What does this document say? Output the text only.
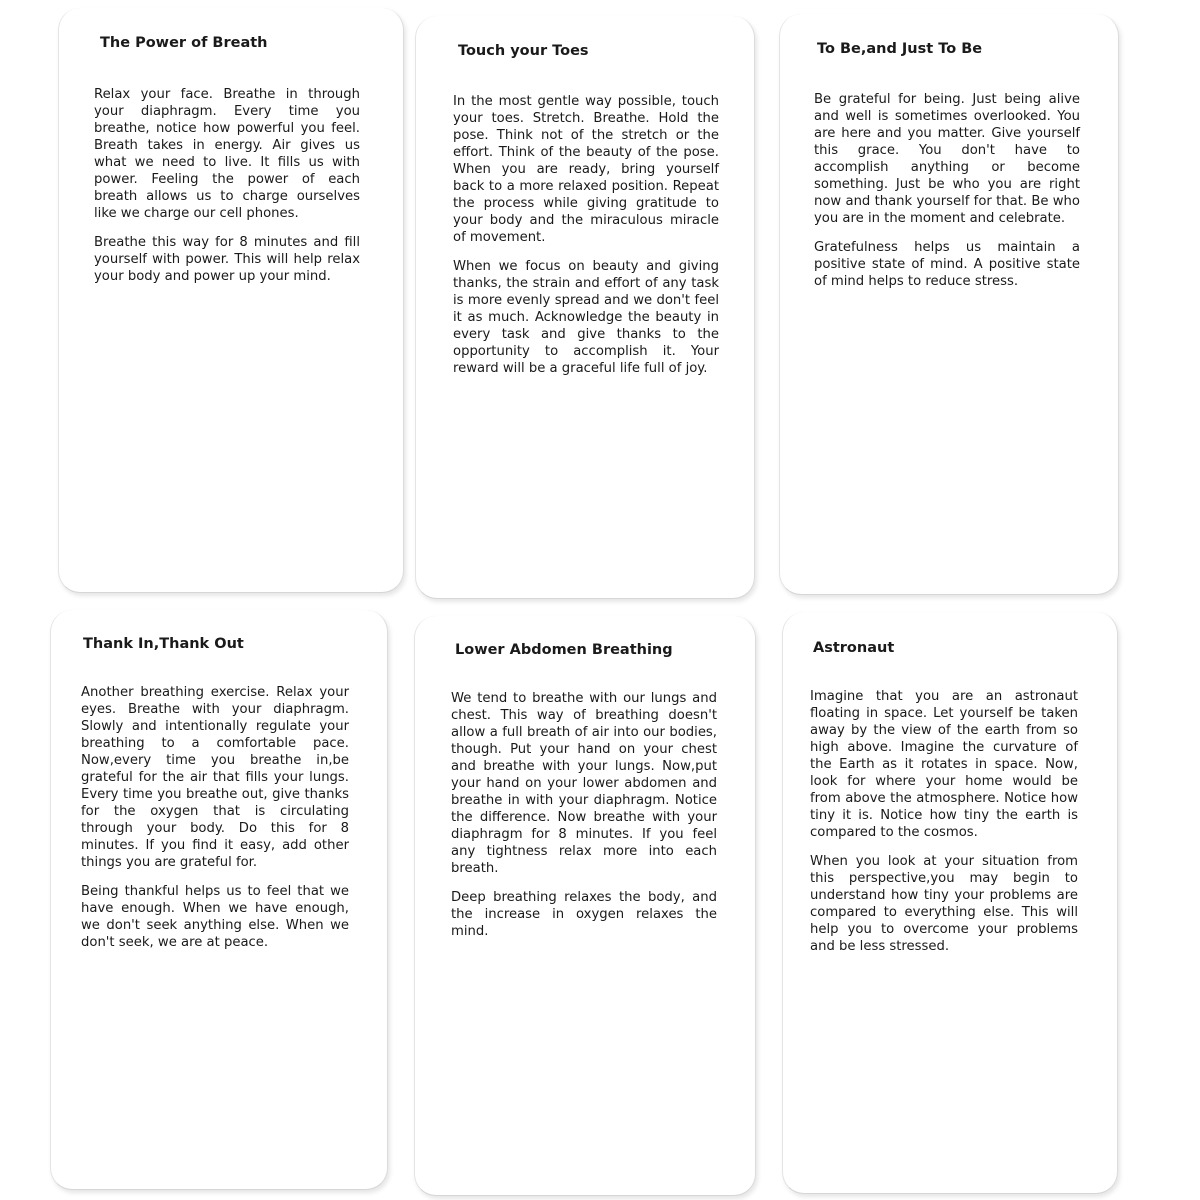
The Power of Breath

Relax your face. Breathe in through your diaphragm. Every time you breathe, notice how powerful you feel. Breath takes in energy. Air gives us what we need to live. It fills us with power. Feeling the power of each breath allows us to charge ourselves like we charge our cell phones.

Breathe this way for 8 minutes and fill yourself with power. This will help relax your body and power up your mind.

Touch your Toes

In the most gentle way possible, touch your toes. Stretch. Breathe. Hold the pose. Think not of the stretch or the effort. Think of the beauty of the pose. When you are ready, bring yourself back to a more relaxed position. Repeat the process while giving gratitude to your body and the miraculous miracle of movement.

When we focus on beauty and giving thanks, the strain and effort of any task is more evenly spread and we don't feel it as much. Acknowledge the beauty in every task and give thanks to the opportunity to accomplish it. Your reward will be a graceful life full of joy.

To Be,and Just To Be

Be grateful for being. Just being alive and well is sometimes overlooked. You are here and you matter. Give yourself this grace. You don't have to accomplish anything or become something. Just be who you are right now and thank yourself for that. Be who you are in the moment and celebrate.

Gratefulness helps us maintain a positive state of mind. A positive state of mind helps to reduce stress.

Thank In,Thank Out

Another breathing exercise. Relax your eyes. Breathe with your diaphragm. Slowly and intentionally regulate your breathing to a comfortable pace. Now,every time you breathe in,be grateful for the air that fills your lungs. Every time you breathe out, give thanks for the oxygen that is circulating through your body. Do this for 8 minutes. If you find it easy, add other things you are grateful for.

Being thankful helps us to feel that we have enough. When we have enough, we don't seek anything else. When we don't seek, we are at peace.

Lower Abdomen Breathing

We tend to breathe with our lungs and chest. This way of breathing doesn't allow a full breath of air into our bodies, though. Put your hand on your chest and breathe with your lungs. Now,put your hand on your lower abdomen and breathe in with your diaphragm. Notice the difference. Now breathe with your diaphragm for 8 minutes. If you feel any tightness relax more into each breath.

Deep breathing relaxes the body, and the increase in oxygen relaxes the mind.

Astronaut

Imagine that you are an astronaut floating in space. Let yourself be taken away by the view of the earth from so high above. Imagine the curvature of the Earth as it rotates in space. Now, look for where your home would be from above the atmosphere. Notice how tiny it is. Notice how tiny the earth is compared to the cosmos.

When you look at your situation from this perspective,you may begin to understand how tiny your problems are compared to everything else. This will help you to overcome your problems and be less stressed.
